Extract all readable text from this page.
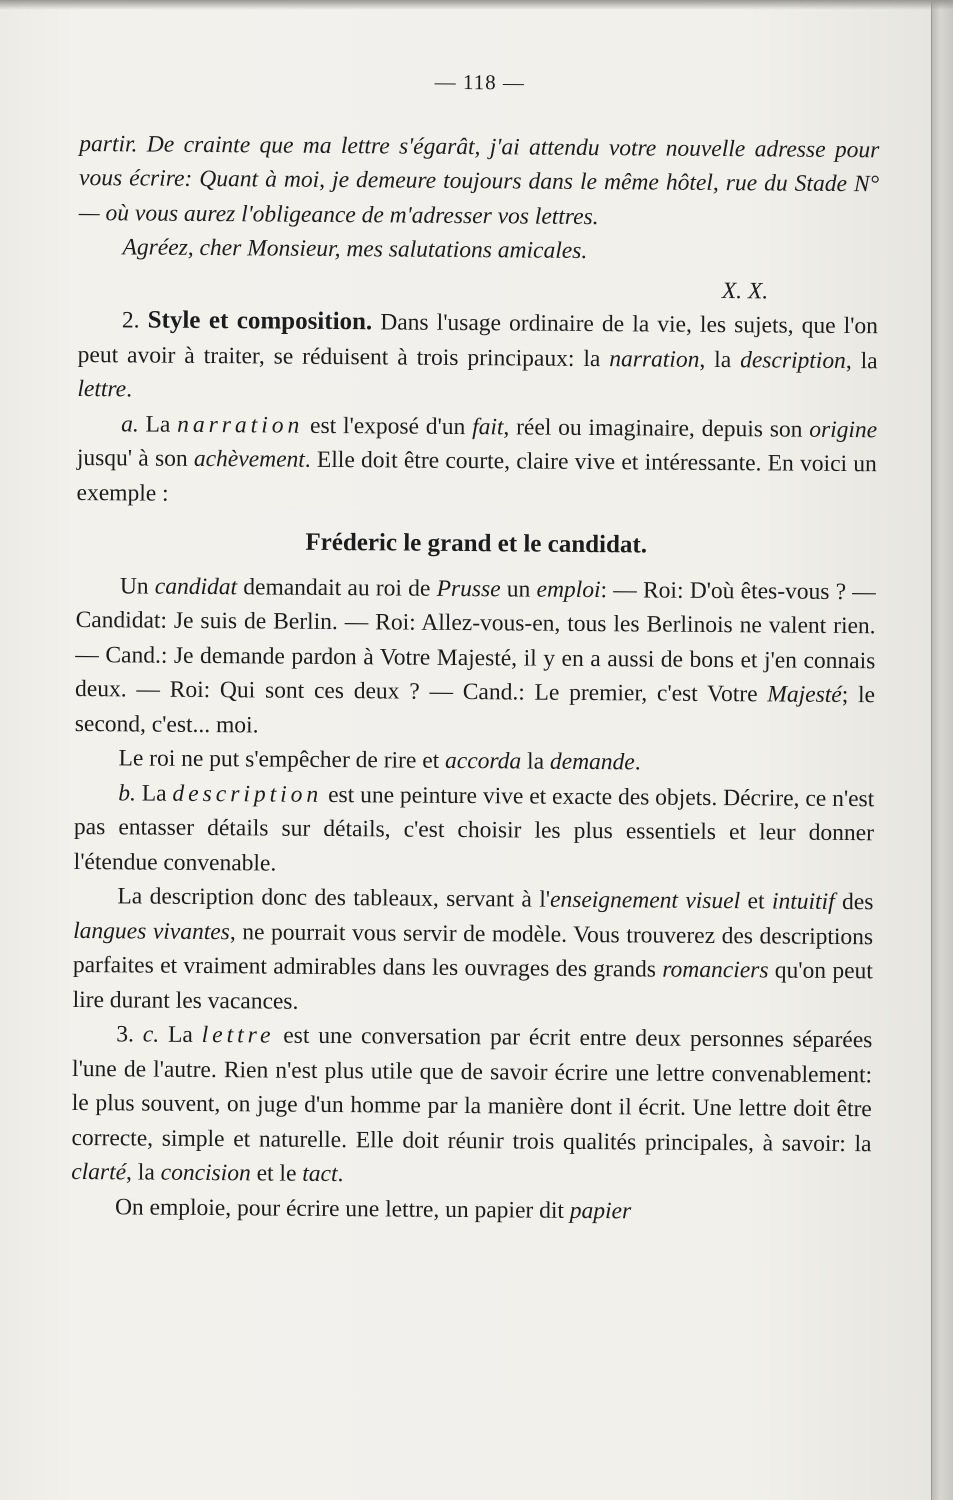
— 118 —

partir. De crainte que ma lettre s'égarât, j'ai attendu votre nouvelle adresse pour vous écrire: Quant à moi, je demeure toujours dans le même hôtel, rue du Stade N° — où vous aurez l'obligeance de m'adresser vos lettres.

Agréez, cher Monsieur, mes salutations amicales.

X. X.

2. Style et composition. Dans l'usage ordinaire de la vie, les sujets, que l'on peut avoir à traiter, se réduisent à trois principaux: la narration, la description, la lettre.

a. La narration est l'exposé d'un fait, réel ou imaginaire, depuis son origine jusqu' à son achèvement. Elle doit être courte, claire vive et intéressante. En voici un exemple :

Fréderic le grand et le candidat.

Un candidat demandait au roi de Prusse un emploi: — Roi: D'où êtes-vous ? — Candidat: Je suis de Berlin. — Roi: Allez-vous-en, tous les Berlinois ne valent rien. — Cand.: Je demande pardon à Votre Majesté, il y en a aussi de bons et j'en connais deux. — Roi: Qui sont ces deux ? — Cand.: Le premier, c'est Votre Majesté; le second, c'est... moi.

Le roi ne put s'empêcher de rire et accorda la demande.

b. La description est une peinture vive et exacte des objets. Décrire, ce n'est pas entasser détails sur détails, c'est choisir les plus essentiels et leur donner l'étendue convenable.

La description donc des tableaux, servant à l'enseignement visuel et intuitif des langues vivantes, ne pourrait vous servir de modèle. Vous trouverez des descriptions parfaites et vraiment admirables dans les ouvrages des grands romanciers qu'on peut lire durant les vacances.

3. c. La lettre est une conversation par écrit entre deux personnes séparées l'une de l'autre. Rien n'est plus utile que de savoir écrire une lettre convenablement: le plus souvent, on juge d'un homme par la manière dont il écrit. Une lettre doit être correcte, simple et naturelle. Elle doit réunir trois qualités principales, à savoir: la clarté, la concision et le tact.

On emploie, pour écrire une lettre, un papier dit papier
